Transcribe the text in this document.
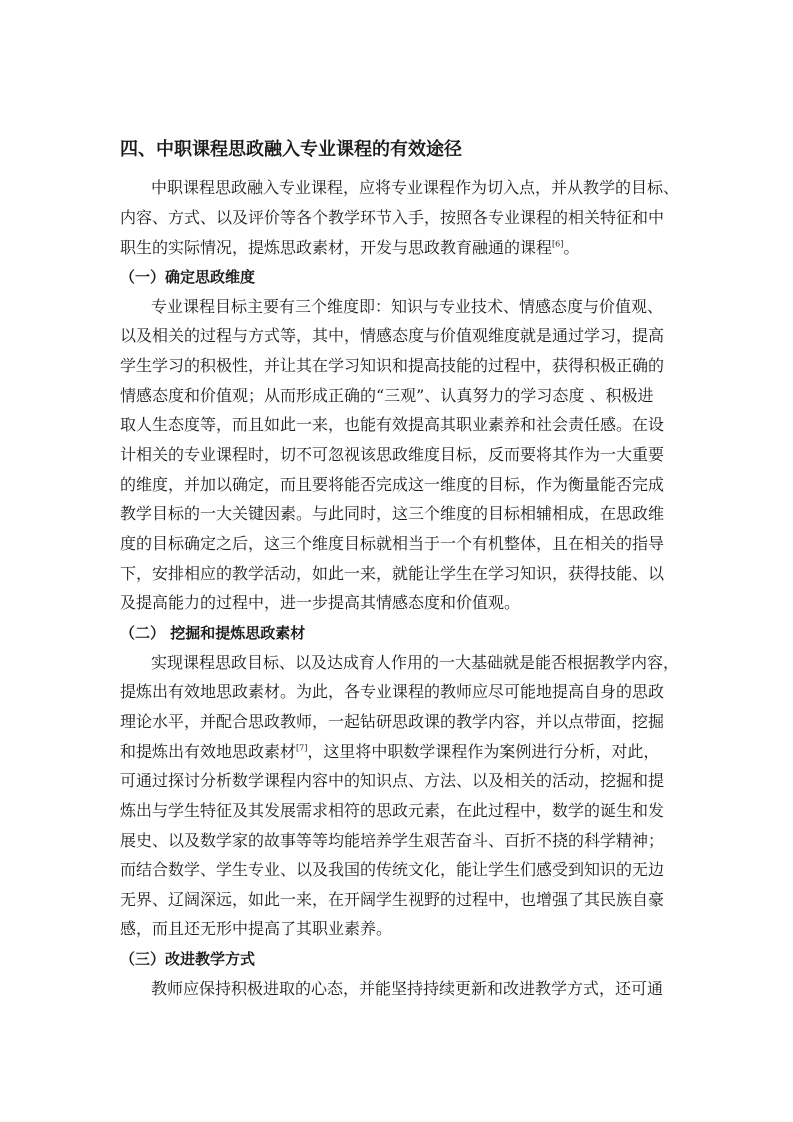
四、中职课程思政融入专业课程的有效途径
中职课程思政融入专业课程，应将专业课程作为切入点，并从教学的目标、
内容、方式、以及评价等各个教学环节入手，按照各专业课程的相关特征和中
职生的实际情况，提炼思政素材，开发与思政教育融通的课程[6]。
（一）确定思政维度
专业课程目标主要有三个维度即：知识与专业技术、情感态度与价值观、
以及相关的过程与方式等，其中，情感态度与价值观维度就是通过学习，提高
学生学习的积极性，并让其在学习知识和提高技能的过程中，获得积极正确的
情感态度和价值观；从而形成正确的“三观”、认真努力的学习态度 、积极进
取人生态度等，而且如此一来，也能有效提高其职业素养和社会责任感。在设
计相关的专业课程时，切不可忽视该思政维度目标，反而要将其作为一大重要
的维度，并加以确定，而且要将能否完成这一维度的目标，作为衡量能否完成
教学目标的一大关键因素。与此同时，这三个维度的目标相辅相成，在思政维
度的目标确定之后，这三个维度目标就相当于一个有机整体，且在相关的指导
下，安排相应的教学活动，如此一来，就能让学生在学习知识，获得技能、以
及提高能力的过程中，进一步提高其情感态度和价值观。
（二） 挖掘和提炼思政素材
实现课程思政目标、以及达成育人作用的一大基础就是能否根据教学内容，
提炼出有效地思政素材。为此，各专业课程的教师应尽可能地提高自身的思政
理论水平，并配合思政教师，一起钻研思政课的教学内容，并以点带面，挖掘
和提炼出有效地思政素材[7]，这里将中职数学课程作为案例进行分析，对此，
可通过探讨分析数学课程内容中的知识点、方法、以及相关的活动，挖掘和提
炼出与学生特征及其发展需求相符的思政元素，在此过程中，数学的诞生和发
展史、以及数学家的故事等等均能培养学生艰苦奋斗、百折不挠的科学精神；
而结合数学、学生专业、以及我国的传统文化，能让学生们感受到知识的无边
无界、辽阔深远，如此一来，在开阔学生视野的过程中，也增强了其民族自豪
感，而且还无形中提高了其职业素养。
（三）改进教学方式
教师应保持积极进取的心态，并能坚持持续更新和改进教学方式，还可通
